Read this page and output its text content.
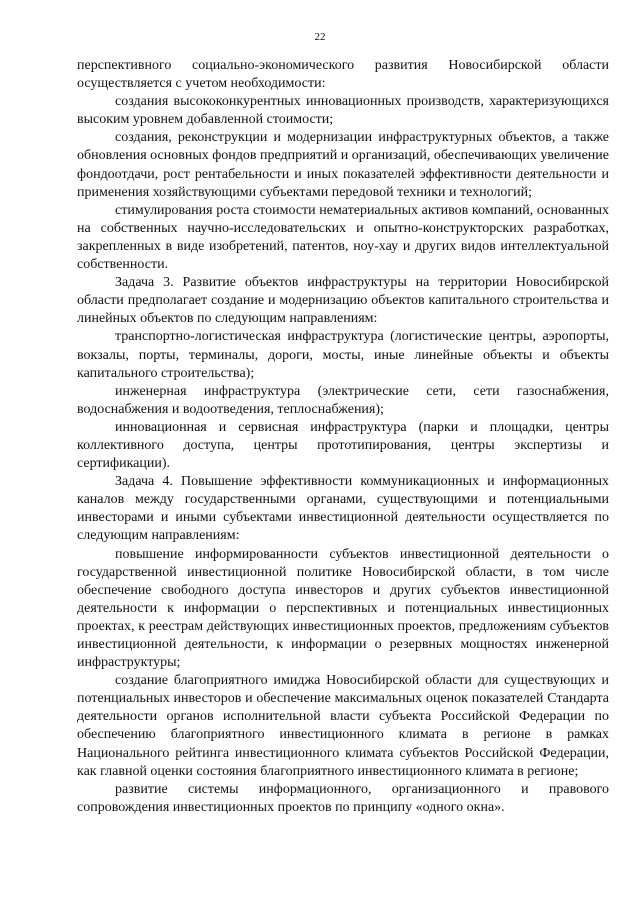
22

перспективного социально-экономического развития Новосибирской области осуществляется с учетом необходимости:

создания высококонкурентных инновационных производств, характеризующихся высоким уровнем добавленной стоимости;

создания, реконструкции и модернизации инфраструктурных объектов, а также обновления основных фондов предприятий и организаций, обеспечивающих увеличение фондоотдачи, рост рентабельности и иных показателей эффективности деятельности и применения хозяйствующими субъектами передовой техники и технологий;

стимулирования роста стоимости нематериальных активов компаний, основанных на собственных научно-исследовательских и опытно-конструкторских разработках, закрепленных в виде изобретений, патентов, ноу-хау и других видов интеллектуальной собственности.

Задача 3. Развитие объектов инфраструктуры на территории Новосибирской области предполагает создание и модернизацию объектов капитального строительства и линейных объектов по следующим направлениям:

транспортно-логистическая инфраструктура (логистические центры, аэропорты, вокзалы, порты, терминалы, дороги, мосты, иные линейные объекты и объекты капитального строительства);

инженерная инфраструктура (электрические сети, сети газоснабжения, водоснабжения и водоотведения, теплоснабжения);

инновационная и сервисная инфраструктура (парки и площадки, центры коллективного доступа, центры прототипирования, центры экспертизы и сертификации).

Задача 4. Повышение эффективности коммуникационных и информационных каналов между государственными органами, существующими и потенциальными инвесторами и иными субъектами инвестиционной деятельности осуществляется по следующим направлениям:

повышение информированности субъектов инвестиционной деятельности о государственной инвестиционной политике Новосибирской области, в том числе обеспечение свободного доступа инвесторов и других субъектов инвестиционной деятельности к информации о перспективных и потенциальных инвестиционных проектах, к реестрам действующих инвестиционных проектов, предложениям субъектов инвестиционной деятельности, к информации о резервных мощностях инженерной инфраструктуры;

создание благоприятного имиджа Новосибирской области для существующих и потенциальных инвесторов и обеспечение максимальных оценок показателей Стандарта деятельности органов исполнительной власти субъекта Российской Федерации по обеспечению благоприятного инвестиционного климата в регионе в рамках Национального рейтинга инвестиционного климата субъектов Российской Федерации, как главной оценки состояния благоприятного инвестиционного климата в регионе;

развитие системы информационного, организационного и правового сопровождения инвестиционных проектов по принципу «одного окна».
